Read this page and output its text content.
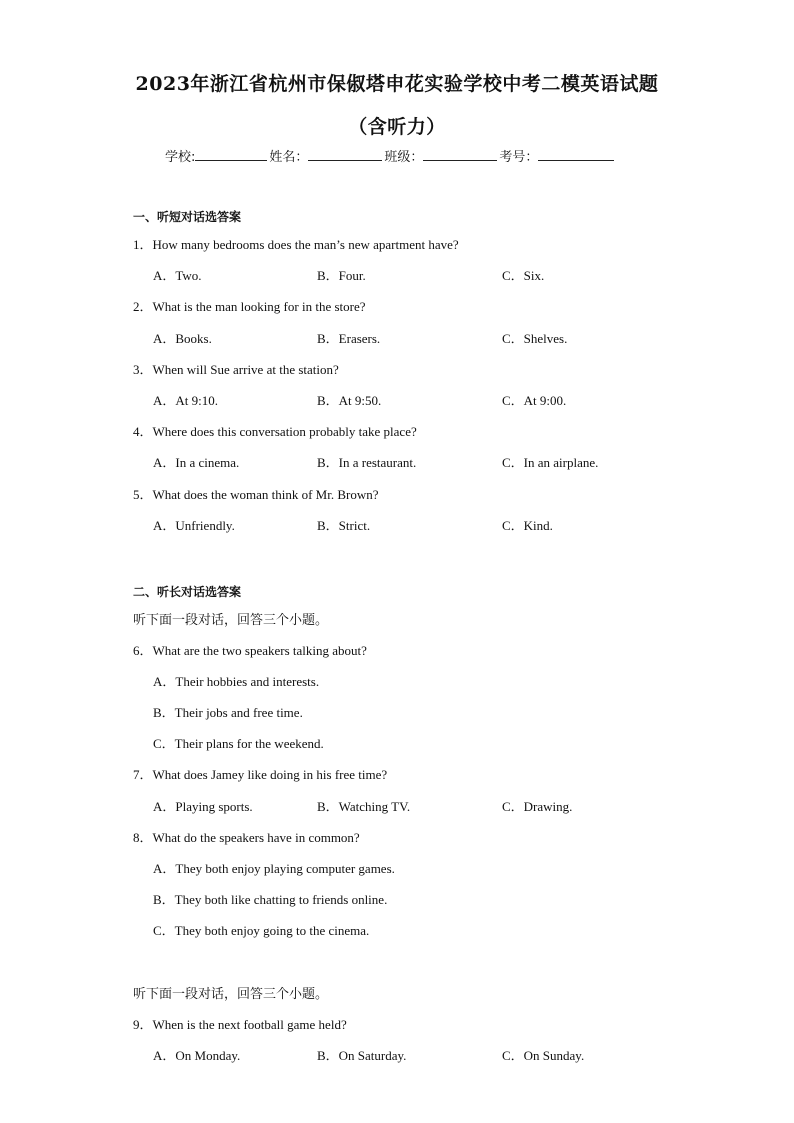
2023年浙江省杭州市保俶塔申花实验学校中考二模英语试题
（含听力）
学校:	姓名：	班级：	考号：
一、听短对话选答案
1．How many bedrooms does the man’s new apartment have?
A．Two.	B．Four.	C．Six.
2．What is the man looking for in the store?
A．Books.	B．Erasers.	C．Shelves.
3．When will Sue arrive at the station?
A．At 9:10.	B．At 9:50.	C．At 9:00.
4．Where does this conversation probably take place?
A．In a cinema.	B．In a restaurant.	C．In an airplane.
5．What does the woman think of Mr. Brown?
A．Unfriendly.	B．Strict.	C．Kind.
二、听长对话选答案
听下面一段对话，回答三个小题。
6．What are the two speakers talking about?
A．Their hobbies and interests.
B．Their jobs and free time.
C．Their plans for the weekend.
7．What does Jamey like doing in his free time?
A．Playing sports.	B．Watching TV.	C．Drawing.
8．What do the speakers have in common?
A．They both enjoy playing computer games.
B．They both like chatting to friends online.
C．They both enjoy going to the cinema.
听下面一段对话，回答三个小题。
9．When is the next football game held?
A．On Monday.	B．On Saturday.	C．On Sunday.
